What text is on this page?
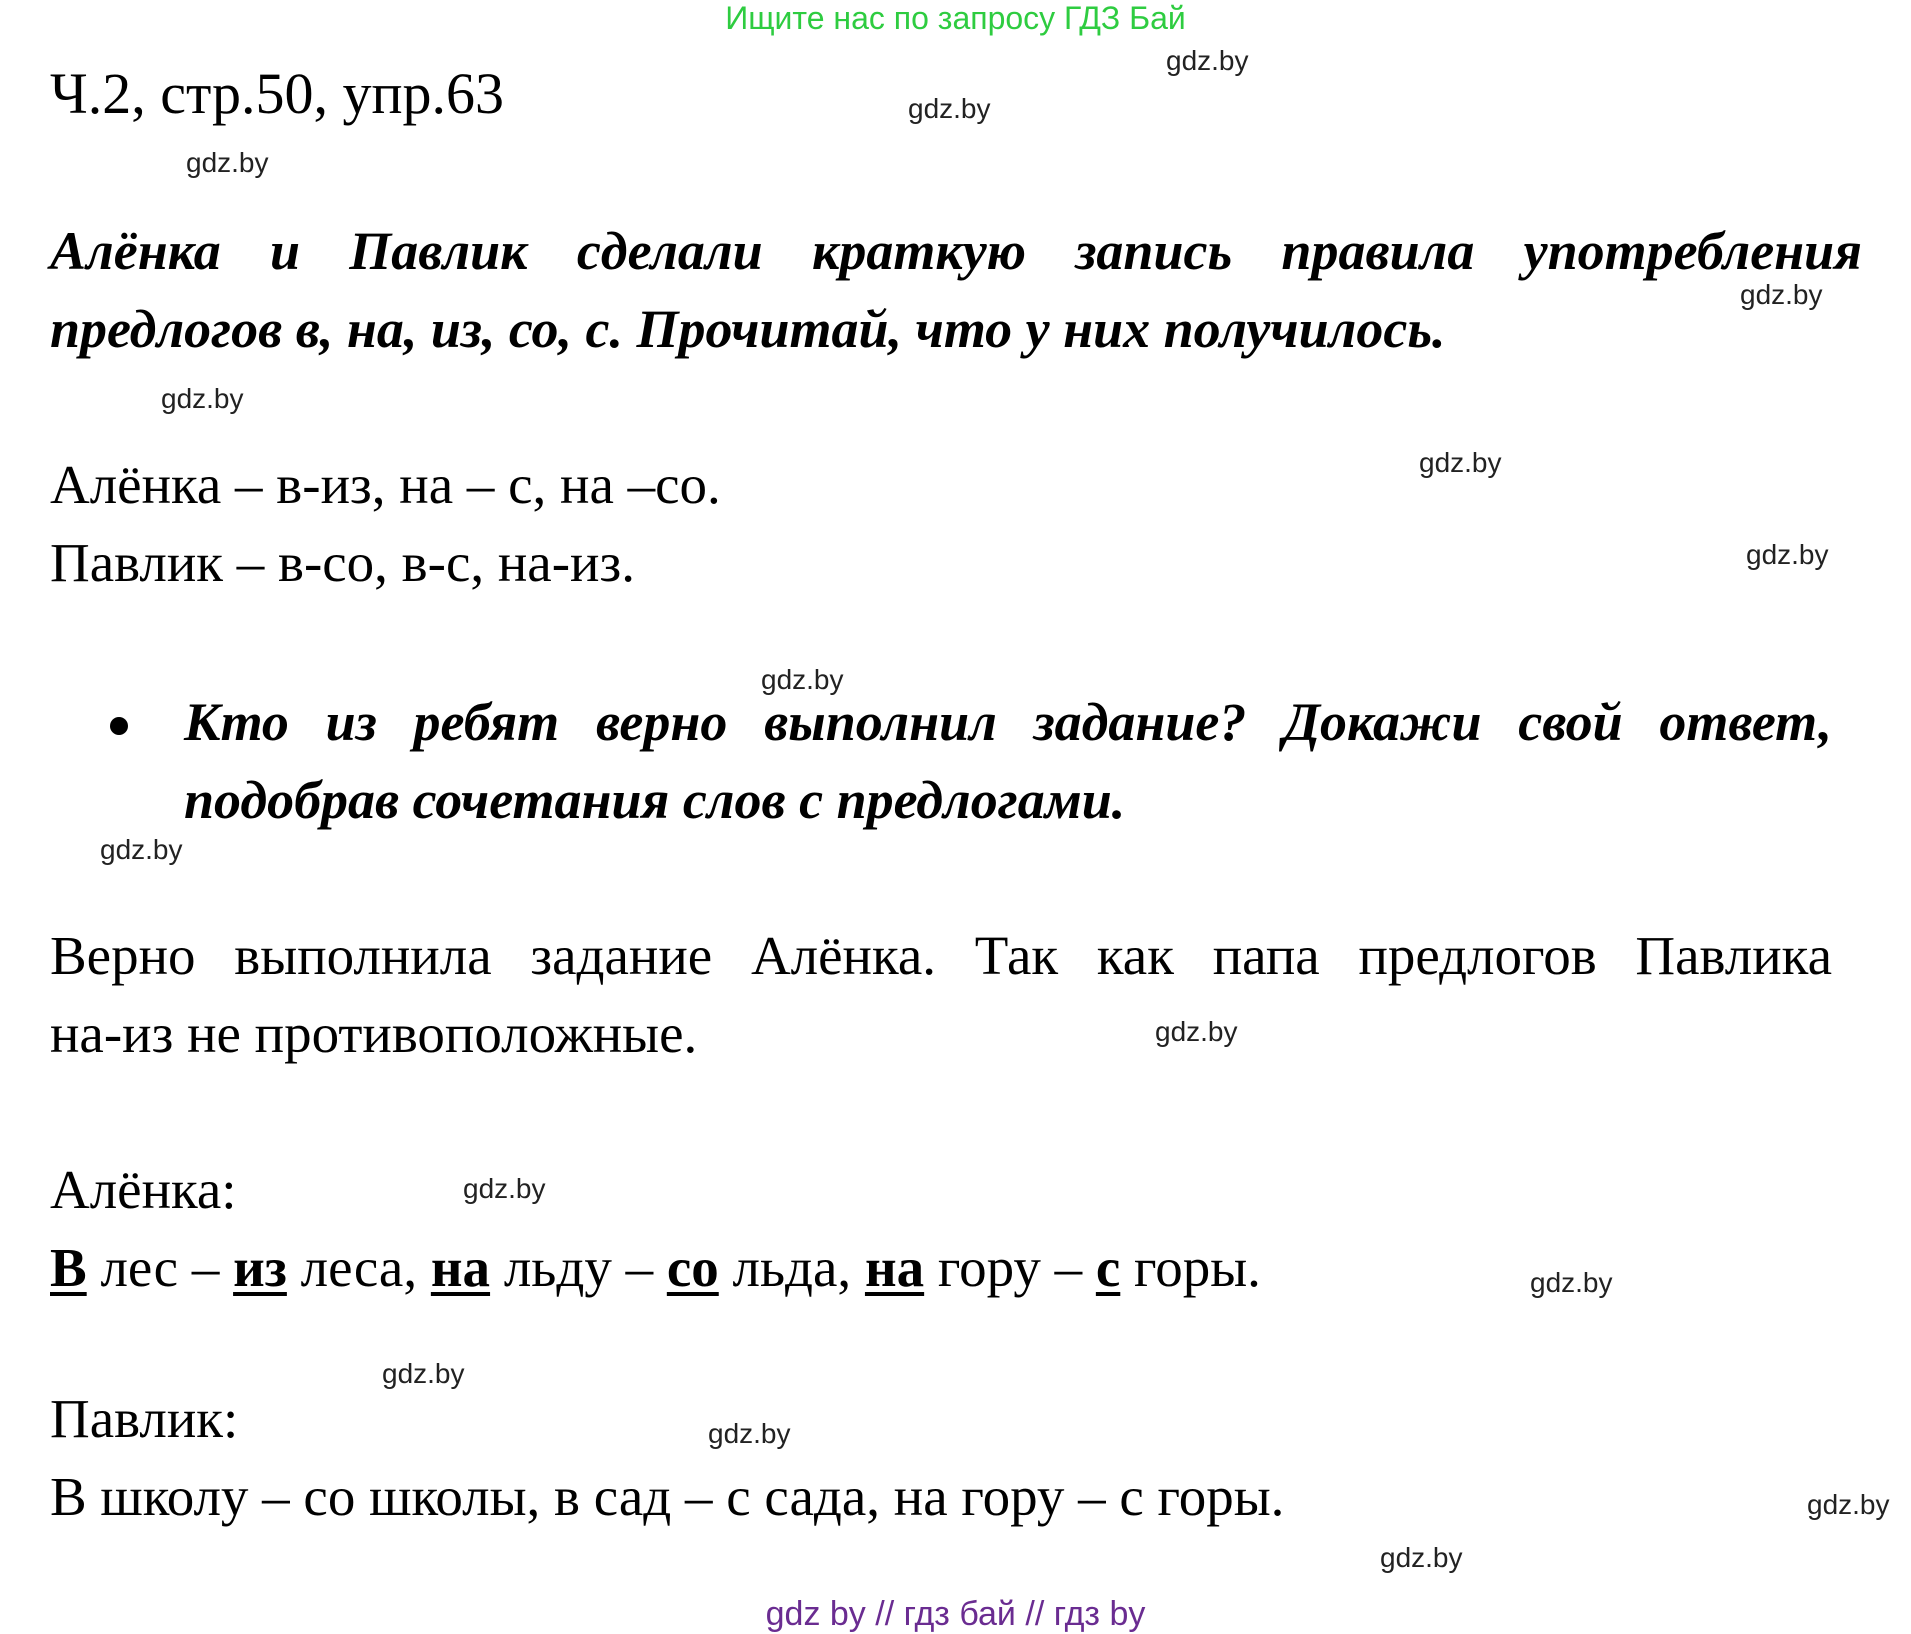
Ищите нас по запросу ГДЗ Бай
Ч.2, стр.50, упр.63
Алёнка и Павлик сделали краткую запись правила употребления
предлогов в, на, из, со, с. Прочитай, что у них получилось.
Алёнка – в-из, на – с, на –со.
Павлик – в-со, в-с, на-из.
Кто из ребят верно выполнил задание? Докажи свой ответ,
подобрав сочетания слов с предлогами.
Верно выполнила задание Алёнка. Так как папа предлогов Павлика
на-из не противоположные.
Алёнка:
В лес – из леса, на льду – со льда, на гору – с горы.
Павлик:
В школу – со школы, в сад – с сада, на гору – с горы.
gdz.by
gdz.by
gdz.by
gdz.by
gdz.by
gdz.by
gdz.by
gdz.by
gdz.by
gdz.by
gdz.by
gdz.by
gdz.by
gdz.by
gdz.by
gdz.by
gdz by // гдз бай // гдз by
